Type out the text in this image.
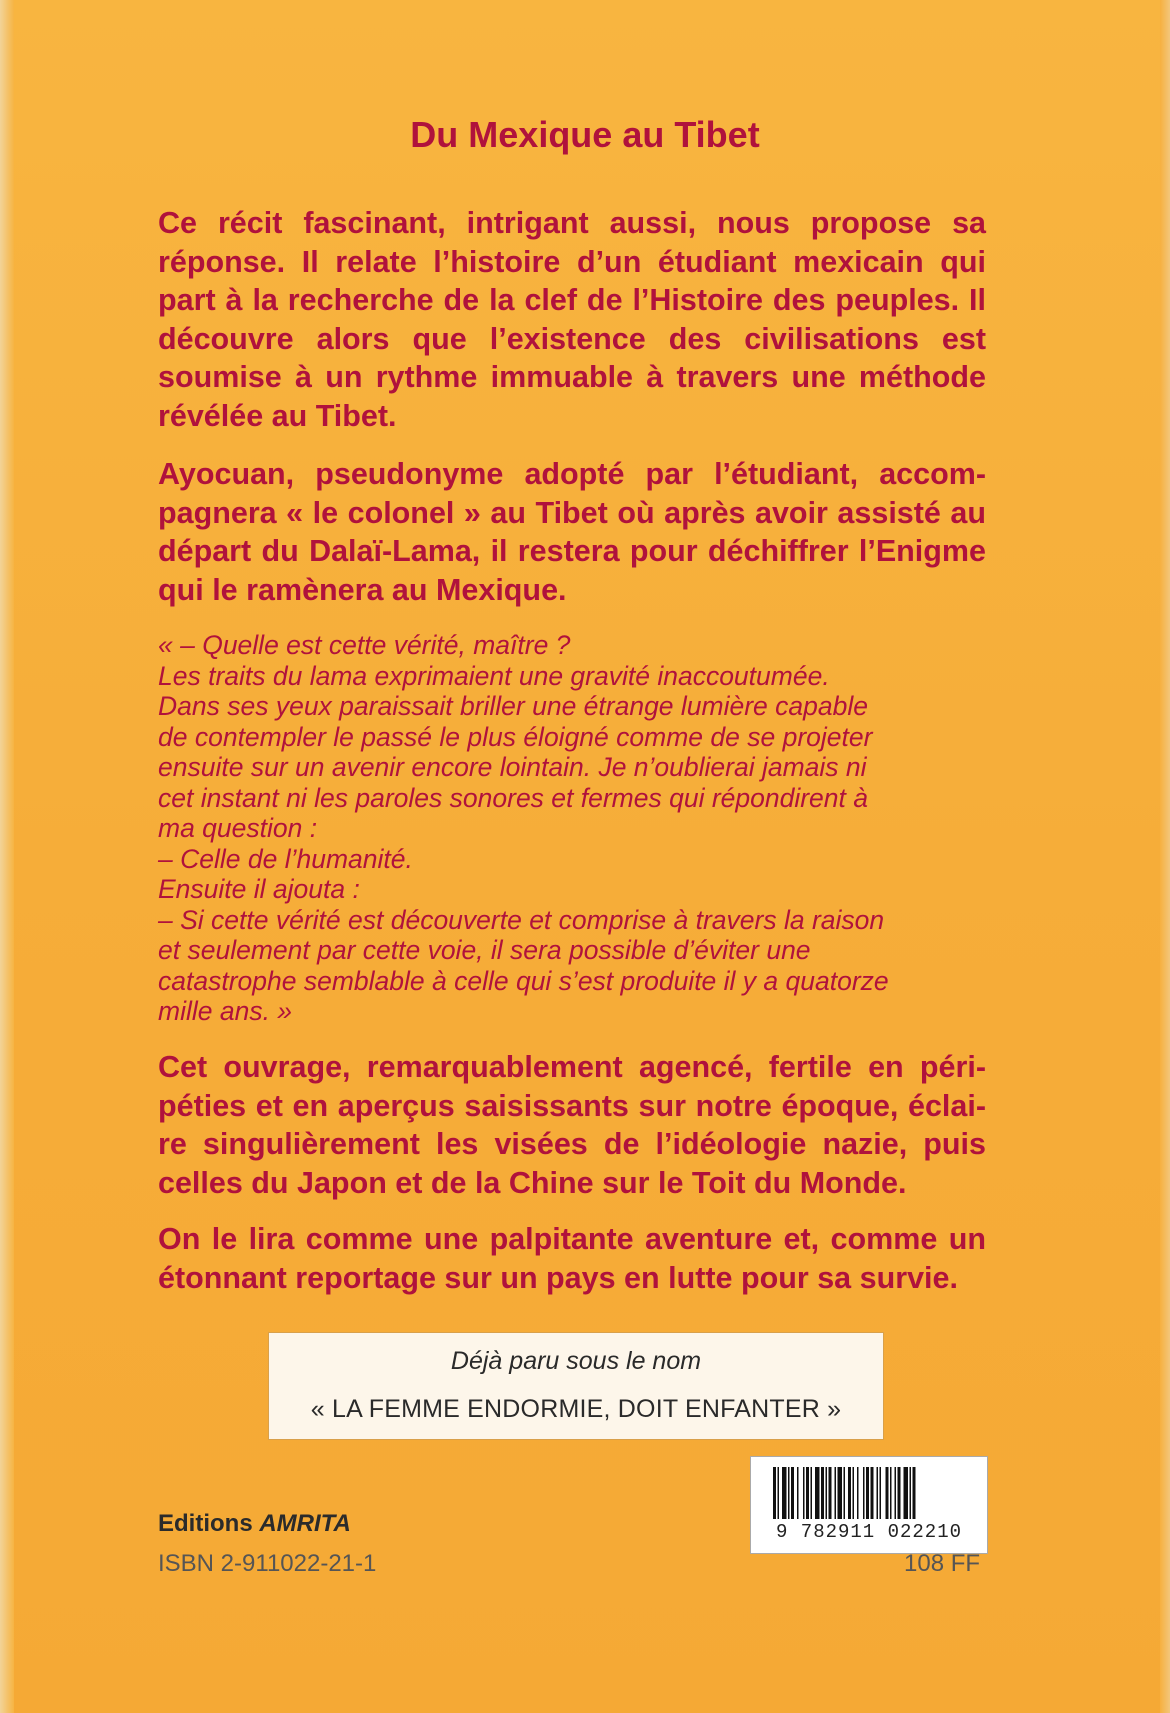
Du Mexique au Tibet

Ce récit fascinant, intrigant aussi, nous propose sa réponse. Il relate l’histoire d’un étudiant mexicain qui part à la recherche de la clef de l’Histoire des peuples. Il découvre alors que l’existence des civilisations est soumise à un rythme immuable à travers une méthode révélée au Tibet.

Ayocuan, pseudonyme adopté par l’étudiant, accom-pagnera « le colonel » au Tibet où après avoir assisté au départ du Dalaï-Lama, il restera pour déchiffrer l’Enigme qui le ramènera au Mexique.

« – Quelle est cette vérité, maître ?
Les traits du lama exprimaient une gravité inaccoutumée.
Dans ses yeux paraissait briller une étrange lumière capable
de contempler le passé le plus éloigné comme de se projeter
ensuite sur un avenir encore lointain. Je n’oublierai jamais ni
cet instant ni les paroles sonores et fermes qui répondirent à
ma question :
– Celle de l’humanité.
Ensuite il ajouta :
– Si cette vérité est découverte et comprise à travers la raison
et seulement par cette voie, il sera possible d’éviter une
catastrophe semblable à celle qui s’est produite il y a quatorze
mille ans. »

Cet ouvrage, remarquablement agencé, fertile en péri-péties et en aperçus saisissants sur notre époque, éclai-re singulièrement les visées de l’idéologie nazie, puis celles du Japon et de la Chine sur le Toit du Monde.

On le lira comme une palpitante aventure et, comme un étonnant reportage sur un pays en lutte pour sa survie.

Déjà paru sous le nom
« LA FEMME ENDORMIE, DOIT ENFANTER »
9 782911 022210
Editions AMRITA
ISBN 2-911022-21-1	108 FF
